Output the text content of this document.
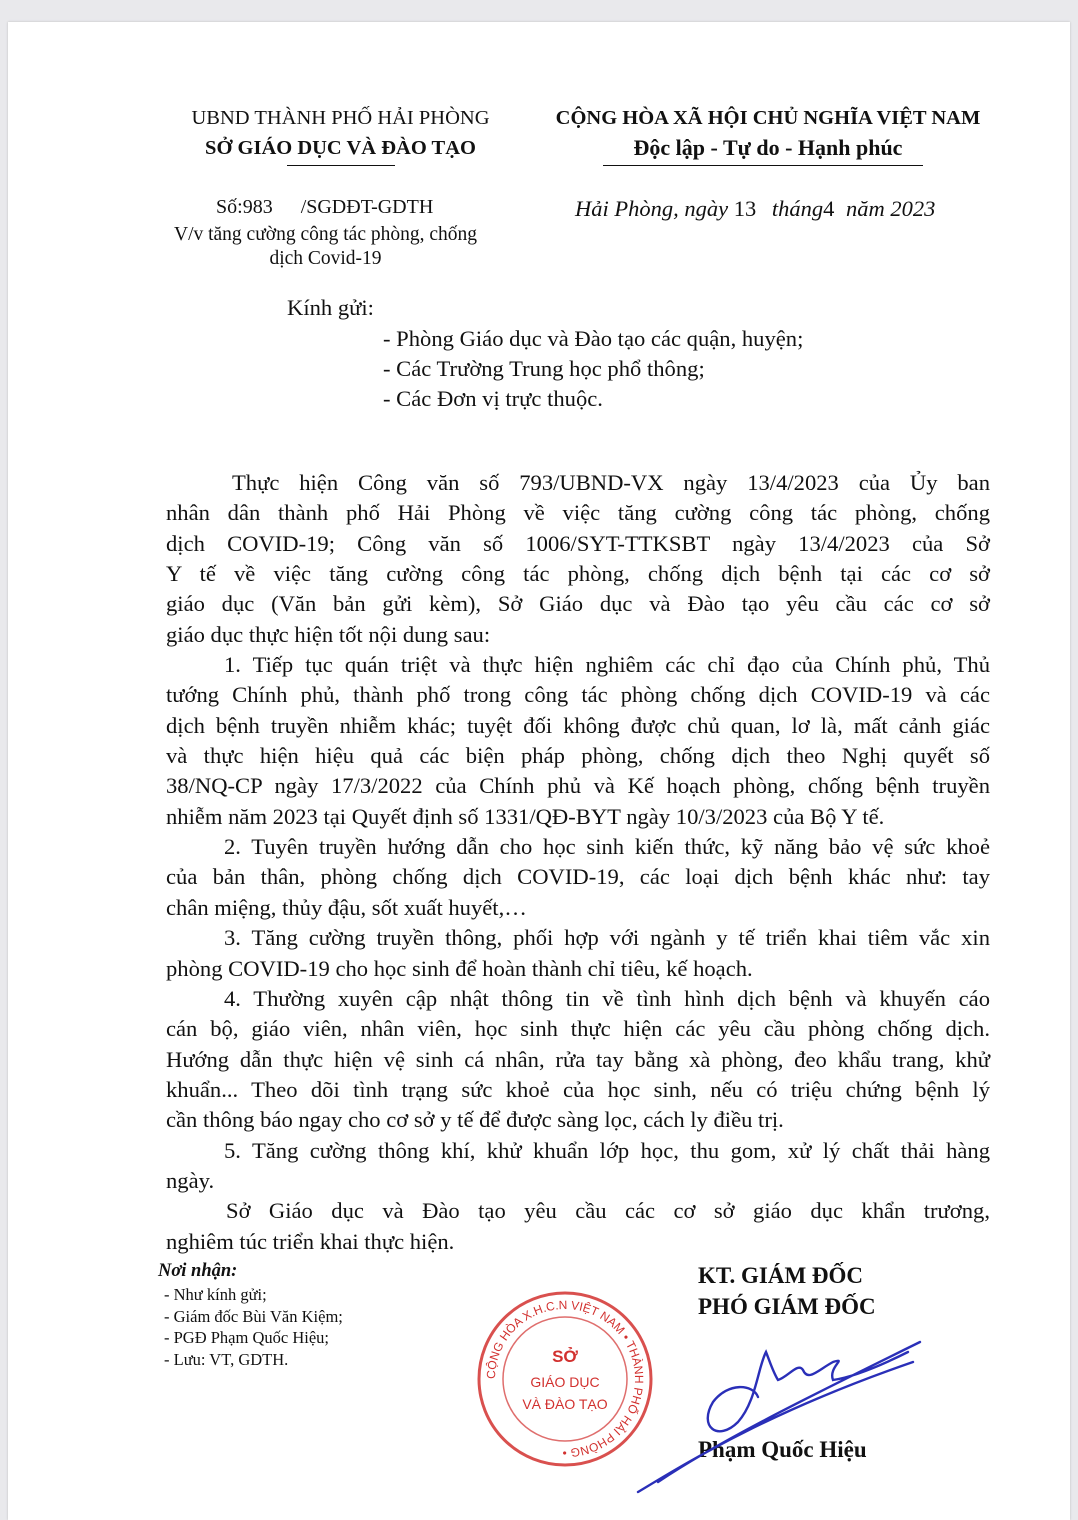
UBND THÀNH PHỐ HẢI PHÒNG
SỞ GIÁO DỤC VÀ ĐÀO TẠO
CỘNG HÒA XÃ HỘI CHỦ NGHĨA VIỆT NAM
Độc lập - Tự do - Hạnh phúc
Số:983 /SGDĐT-GDTH
V/v tăng cường công tác phòng, chống
dịch Covid-19
Hải Phòng, ngày 13 tháng4 năm 2023
Kính gửi:
- Phòng Giáo dục và Đào tạo các quận, huyện;
- Các Trường Trung học phổ thông;
- Các Đơn vị trực thuộc.
Thực hiện Công văn số 793/UBND-VX ngày 13/4/2023 của Ủy ban
nhân dân thành phố Hải Phòng về việc tăng cường công tác phòng, chống
dịch COVID-19; Công văn số 1006/SYT-TTKSBT ngày 13/4/2023 của Sở
Y tế về việc tăng cường công tác phòng, chống dịch bệnh tại các cơ sở
giáo dục (Văn bản gửi kèm), Sở Giáo dục và Đào tạo yêu cầu các cơ sở
giáo dục thực hiện tốt nội dung sau:
1. Tiếp tục quán triệt và thực hiện nghiêm các chỉ đạo của Chính phủ, Thủ
tướng Chính phủ, thành phố trong công tác phòng chống dịch COVID-19 và các
dịch bệnh truyền nhiễm khác; tuyệt đối không được chủ quan, lơ là, mất cảnh giác
và thực hiện hiệu quả các biện pháp phòng, chống dịch theo Nghị quyết số
38/NQ-CP ngày 17/3/2022 của Chính phủ và Kế hoạch phòng, chống bệnh truyền
nhiễm năm 2023 tại Quyết định số 1331/QĐ-BYT ngày 10/3/2023 của Bộ Y tế.
2. Tuyên truyền hướng dẫn cho học sinh kiến thức, kỹ năng bảo vệ sức khoẻ
của bản thân, phòng chống dịch COVID-19, các loại dịch bệnh khác như: tay
chân miệng, thủy đậu, sốt xuất huyết,…
3. Tăng cường truyền thông, phối hợp với ngành y tế triển khai tiêm vắc xin
phòng COVID-19 cho học sinh để hoàn thành chỉ tiêu, kế hoạch.
4. Thường xuyên cập nhật thông tin về tình hình dịch bệnh và khuyến cáo
cán bộ, giáo viên, nhân viên, học sinh thực hiện các yêu cầu phòng chống dịch.
Hướng dẫn thực hiện vệ sinh cá nhân, rửa tay bằng xà phòng, đeo khẩu trang, khử
khuẩn... Theo dõi tình trạng sức khoẻ của học sinh, nếu có triệu chứng bệnh lý
cần thông báo ngay cho cơ sở y tế để được sàng lọc, cách ly điều trị.
5. Tăng cường thông khí, khử khuẩn lớp học, thu gom, xử lý chất thải hàng
ngày.
Sở Giáo dục và Đào tạo yêu cầu các cơ sở giáo dục khẩn trương,
nghiêm túc triển khai thực hiện.
Nơi nhận:
- Như kính gửi;
- Giám đốc Bùi Văn Kiệm;
- PGĐ Phạm Quốc Hiệu;
- Lưu: VT, GDTH.
KT. GIÁM ĐỐC
PHÓ GIÁM ĐỐC
Phạm Quốc Hiệu
CỘNG HÒA X.H.C.N VIỆT NAM • THÀNH PHỐ HẢI PHÒNG •
SỞ
GIÁO DỤC
VÀ ĐÀO TẠO
